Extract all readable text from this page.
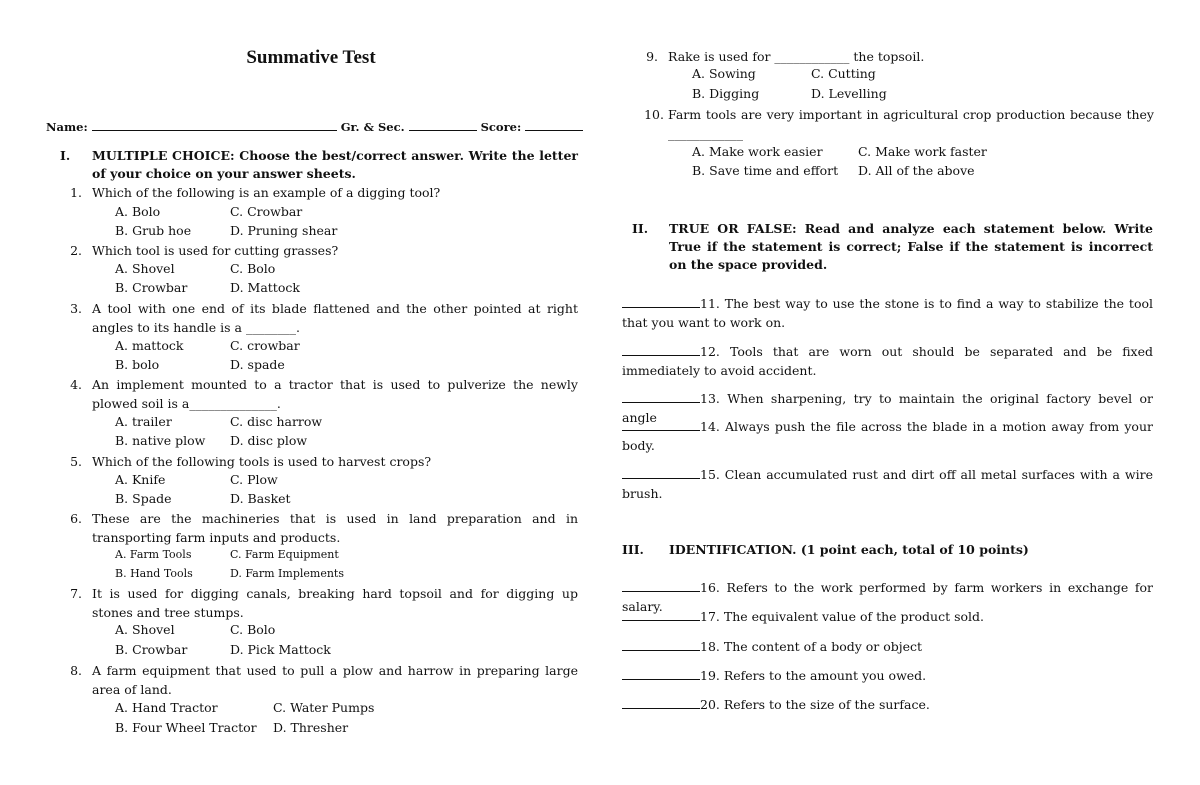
Summative Test
Name:	Gr. & Sec.	Score:
I. MULTIPLE CHOICE: Choose the best/correct answer. Write the letter of your choice on your answer sheets.
1. Which of the following is an example of a digging tool?
A. Bolo	C. Crowbar
B. Grub hoe	D. Pruning shear
2. Which tool is used for cutting grasses?
A. Shovel	C. Bolo
B. Crowbar	D. Mattock
3. A tool with one end of its blade flattened and the other pointed at right angles to its handle is a ________.
A. mattock	C. crowbar
B. bolo	D. spade
4. An implement mounted to a tractor that is used to pulverize the newly plowed soil is a______________.
A. trailer	C. disc harrow
B. native plow D. disc plow
5. Which of the following tools is used to harvest crops?
A. Knife	C. Plow
B. Spade	D. Basket
6. These are the machineries that is used in land preparation and in transporting farm inputs and products.
A. Farm Tools	C. Farm Equipment
B. Hand Tools	D. Farm Implements
7. It is used for digging canals, breaking hard topsoil and for digging up stones and tree stumps.
A. Shovel	C. Bolo
B. Crowbar	D. Pick Mattock
8. A farm equipment that used to pull a plow and harrow in preparing large area of land.
A. Hand Tractor	C. Water Pumps
B. Four Wheel Tractor D. Thresher
9. Rake is used for ____________ the topsoil.
A. Sowing	C. Cutting
B. Digging	D. Levelling
10. Farm tools are very important in agricultural crop production because they ____________
A. Make work easier	C. Make work faster
B. Save time and effort D. All of the above
II. TRUE OR FALSE: Read and analyze each statement below. Write True if the statement is correct; False if the statement is incorrect on the space provided.
11. The best way to use the stone is to find a way to stabilize the tool that you want to work on.
12. Tools that are worn out should be separated and be fixed immediately to avoid accident.
13. When sharpening, try to maintain the original factory bevel or angle
14. Always push the file across the blade in a motion away from your body.
15. Clean accumulated rust and dirt off all metal surfaces with a wire brush.
III. IDENTIFICATION. (1 point each, total of 10 points)
16. Refers to the work performed by farm workers in exchange for salary.
17. The equivalent value of the product sold.
18. The content of a body or object
19. Refers to the amount you owed.
20. Refers to the size of the surface.
